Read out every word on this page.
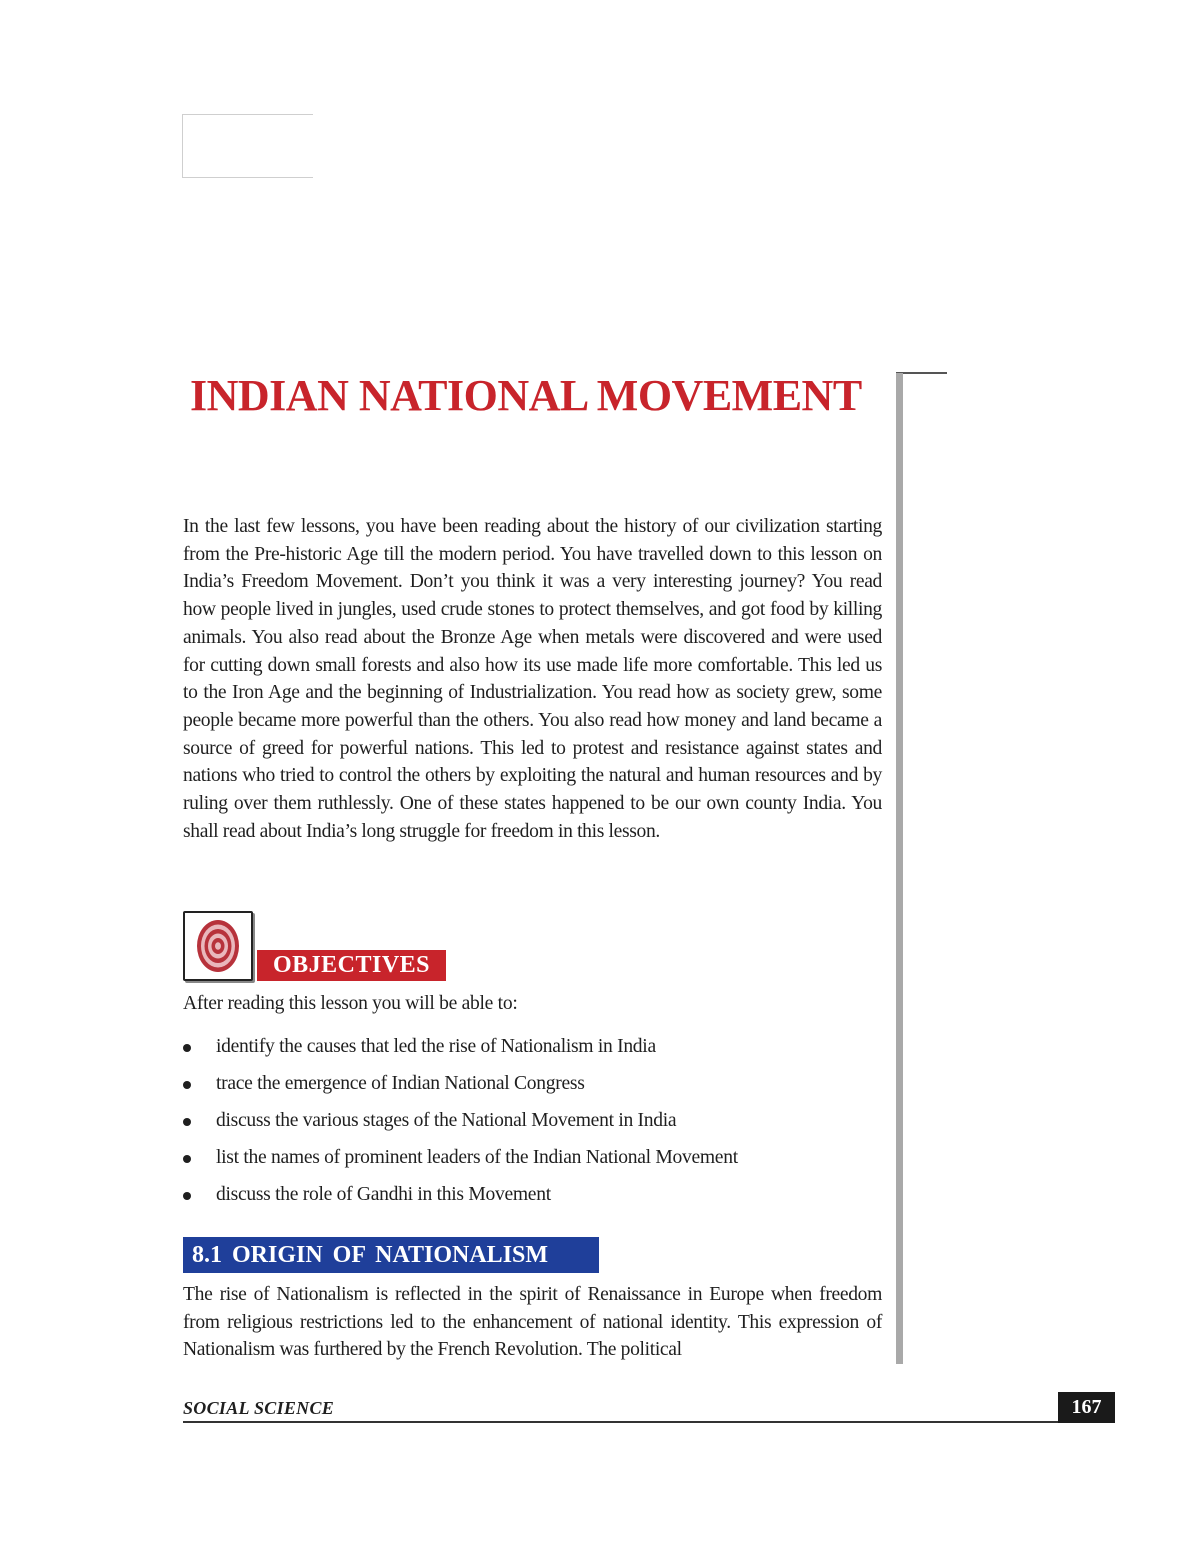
INDIAN NATIONAL MOVEMENT

In the last few lessons, you have been reading about the history of our civilization starting from the Pre-historic Age till the modern period. You have travelled down to this lesson on India’s Freedom Movement. Don’t you think it was a very interesting journey? You read how people lived in jungles, used crude stones to protect themselves, and got food by killing animals. You also read about the Bronze Age when metals were discovered and were used for cutting down small forests and also how its use made life more comfortable. This led us to the Iron Age and the beginning of Industrialization. You read how as society grew, some people became more powerful than the others. You also read how money and land became a source of greed for powerful nations. This led to protest and resistance against states and nations who tried to control the others by exploiting the natural and human resources and by ruling over them ruthlessly. One of these states happened to be our own county India. You shall read about India’s long struggle for freedom in this lesson.

OBJECTIVES

After reading this lesson you will be able to:

identify the causes that led the rise of Nationalism in India
trace the emergence of Indian National Congress
discuss the various stages of the National Movement in India
list the names of prominent leaders of the Indian National Movement
discuss the role of Gandhi in this Movement
8.1 ORIGIN OF NATIONALISM

The rise of Nationalism is reflected in the spirit of Renaissance in Europe when freedom from religious restrictions led to the enhancement of national identity. This expression of Nationalism was furthered by the French Revolution. The political

SOCIAL SCIENCE	167
